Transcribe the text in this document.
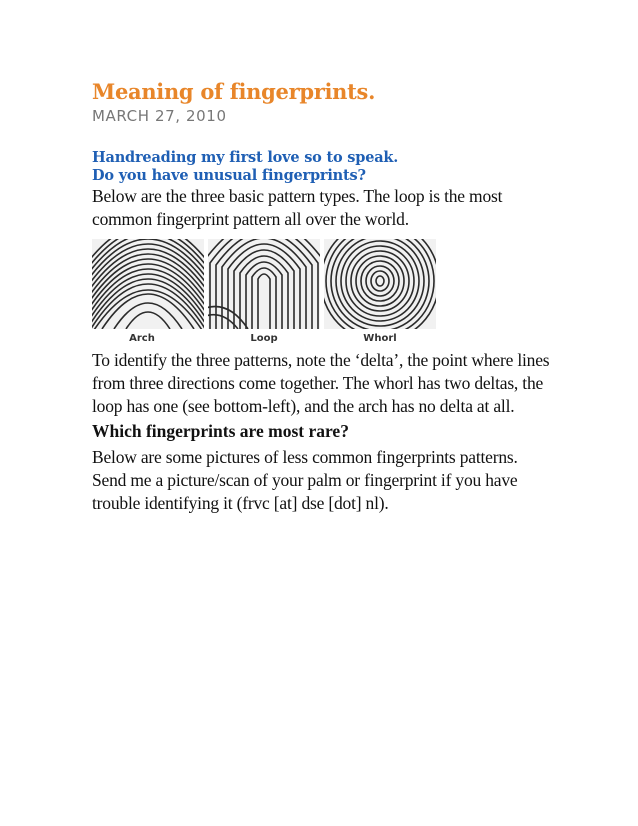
Meaning of fingerprints.
MARCH 27, 2010
Handreading my first love so to speak.
Do you have unusual fingerprints?

Below are the three basic pattern types. The loop is the most common fingerprint pattern all over the world.

Arch	Loop	Whorl

To identify the three patterns, note the ‘delta’, the point where lines from three directions come together. The whorl has two deltas, the loop has one (see bottom-left), and the arch has no delta at all.

Which fingerprints are most rare?

Below are some pictures of less common fingerprints patterns.

Send me a picture/scan of your palm or fingerprint if you have trouble identifying it (frvc [at] dse [dot] nl).
